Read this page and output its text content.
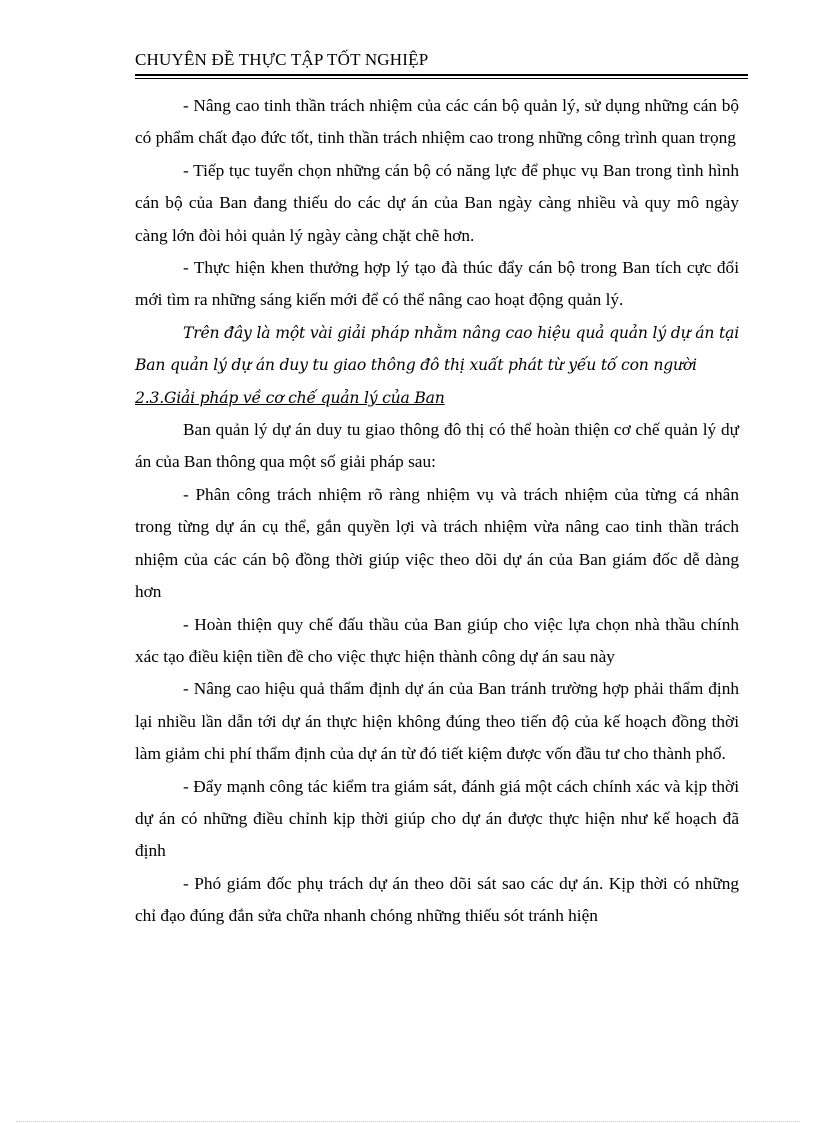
CHUYÊN ĐỀ THỰC TẬP TỐT NGHIỆP

- Nâng cao tinh thần trách nhiệm của các cán bộ quản lý, sử dụng những cán bộ có phẩm chất đạo đức tốt, tinh thần trách nhiệm cao trong những công trình quan trọng

- Tiếp tục tuyển chọn những cán bộ có năng lực để phục vụ Ban trong tình hình cán bộ của Ban đang thiếu do các dự án của Ban ngày càng nhiều và quy mô ngày càng lớn đòi hỏi quản lý ngày càng chặt chẽ hơn.

- Thực hiện khen thưởng hợp lý tạo đà thúc đẩy cán bộ trong Ban tích cực đổi mới tìm ra những sáng kiến mới để có thể nâng cao hoạt động quản lý.

Trên đây là một vài giải pháp nhằm nâng cao hiệu quả quản lý dự án tại Ban quản lý dự án duy tu giao thông đô thị xuất phát từ yếu tố con người

2.3.Giải pháp về cơ chế quản lý của Ban

Ban quản lý dự án duy tu giao thông đô thị có thể hoàn thiện cơ chế quản lý dự án của Ban thông qua một số giải pháp sau:

- Phân công trách nhiệm rõ ràng nhiệm vụ và trách nhiệm của từng cá nhân trong từng dự án cụ thể, gắn quyền lợi và trách nhiệm vừa nâng cao tinh thần trách nhiệm của các cán bộ đồng thời giúp việc theo dõi dự án của Ban giám đốc dễ dàng hơn

- Hoàn thiện quy chế đấu thầu của Ban giúp cho việc lựa chọn nhà thầu chính xác tạo điều kiện tiền đề cho việc thực hiện thành công dự án sau này

- Nâng cao hiệu quả thẩm định dự án của Ban tránh trường hợp phải thẩm định lại nhiều lần dẫn tới dự án thực hiện không đúng theo tiến độ của kế hoạch đồng thời làm giảm chi phí thẩm định của dự án từ đó tiết kiệm được vốn đầu tư cho thành phố.

- Đẩy mạnh công tác kiểm tra giám sát, đánh giá một cách chính xác và kịp thời dự án có những điều chỉnh kịp thời giúp cho dự án được thực hiện như kế hoạch đã định

- Phó giám đốc phụ trách dự án theo dõi sát sao các dự án. Kịp thời có những chỉ đạo đúng đắn sửa chữa nhanh chóng những thiếu sót tránh hiện
